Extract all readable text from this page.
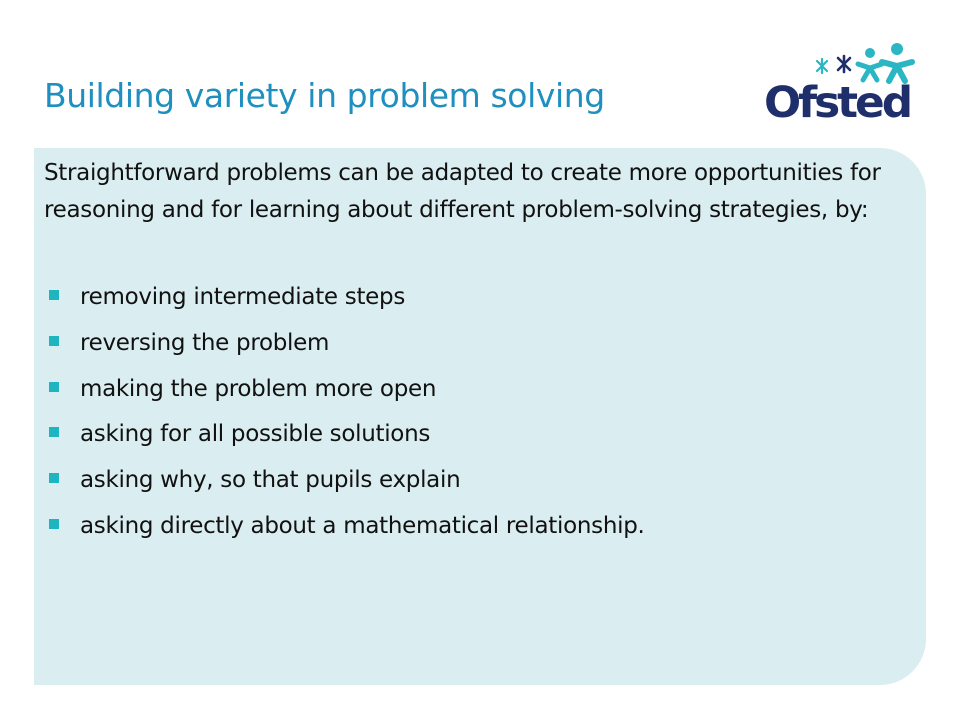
Building variety in problem solving	Ofsted

Straightforward problems can be adapted to create more opportunities for reasoning and for learning about different problem-solving strategies, by:

removing intermediate steps
reversing the problem
making the problem more open
asking for all possible solutions
asking why, so that pupils explain
asking directly about a mathematical relationship.
